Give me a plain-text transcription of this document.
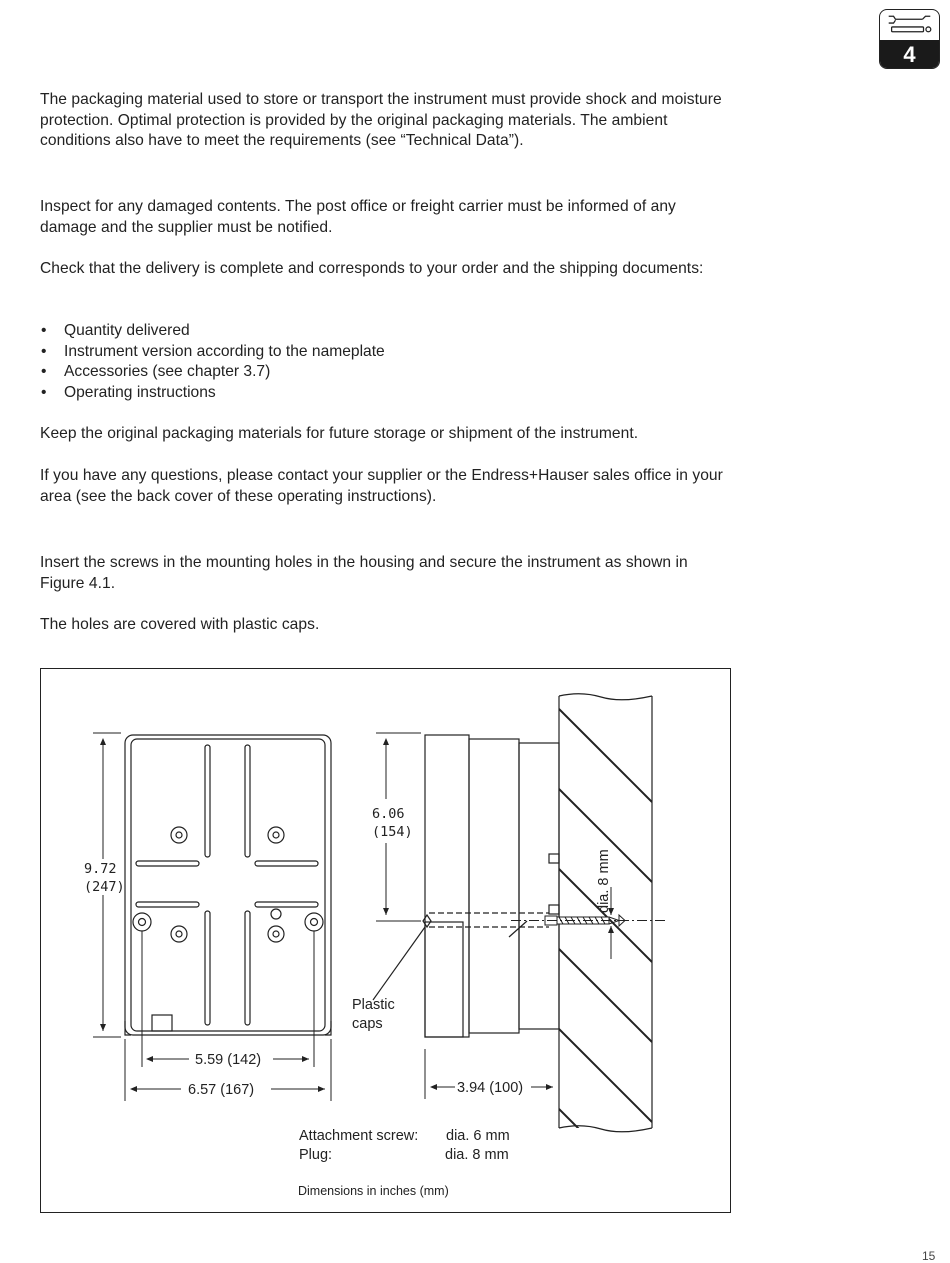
4

The packaging material used to store or transport the instrument must provide shock and moisture protection. Optimal protection is provided by the original packaging materials. The ambient conditions also have to meet the requirements (see “Technical Data”).

Inspect for any damaged contents. The post office or freight carrier must be informed of any damage and the supplier must be notified.

Check that the delivery is complete and corresponds to your order and the shipping documents:

• Quantity delivered
• Instrument version according to the nameplate
• Accessories (see chapter 3.7)
• Operating instructions

Keep the original packaging materials for future storage or shipment of the instrument.

If you have any questions, please contact your supplier or the Endress+Hauser sales office in your area (see the back cover of these operating instructions).

Insert the screws in the mounting holes in the housing and secure the instrument as shown in Figure 4.1.

The holes are covered with plastic caps.

9.72
(247)
6.06
(154)
5.59 (142)
6.57 (167)	3.94 (100)
dia. 8 mm
Plastic
caps
Attachment screw: dia. 6 mm
Plug:	dia. 8 mm
Dimensions in inches (mm)
15
